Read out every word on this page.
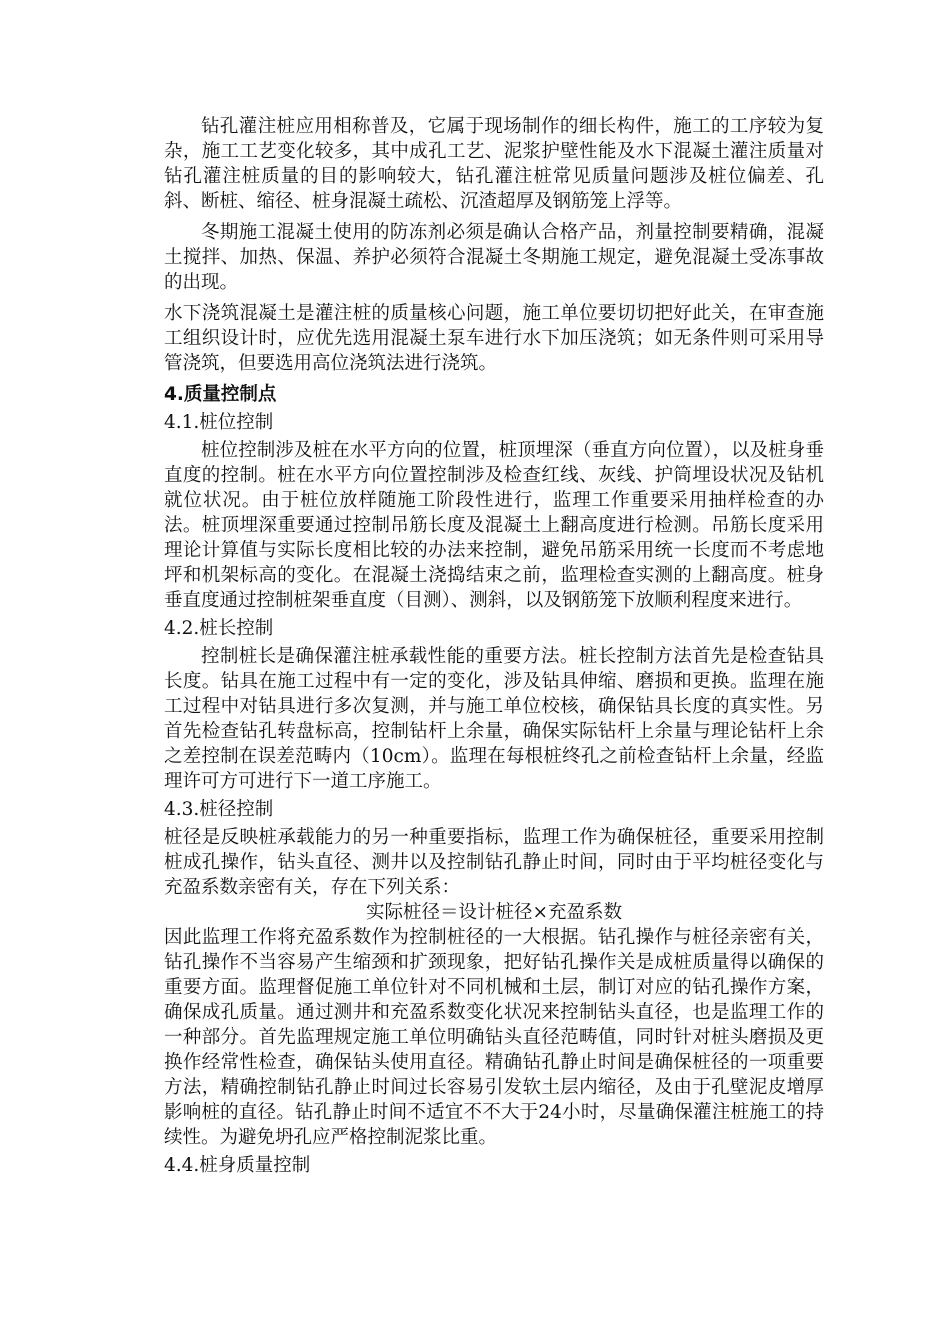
钻孔灌注桩应用相称普及，它属于现场制作的细长构件，施工的工序较为复杂，施工工艺变化较多，其中成孔工艺、泥浆护壁性能及水下混凝土灌注质量对钻孔灌注桩质量的目的影响较大，钻孔灌注桩常见质量问题涉及桩位偏差、孔斜、断桩、缩径、桩身混凝土疏松、沉渣超厚及钢筋笼上浮等。

冬期施工混凝土使用的防冻剂必须是确认合格产品，剂量控制要精确，混凝土搅拌、加热、保温、养护必须符合混凝土冬期施工规定，避免混凝土受冻事故的出现。

水下浇筑混凝土是灌注桩的质量核心问题，施工单位要切切把好此关，在审查施工组织设计时，应优先选用混凝土泵车进行水下加压浇筑；如无条件则可采用导管浇筑，但要选用高位浇筑法进行浇筑。

4.质量控制点

4.1.桩位控制

桩位控制涉及桩在水平方向的位置，桩顶埋深（垂直方向位置），以及桩身垂直度的控制。桩在水平方向位置控制涉及检查红线、灰线、护筒埋设状况及钻机就位状况。由于桩位放样随施工阶段性进行，监理工作重要采用抽样检查的办法。桩顶埋深重要通过控制吊筋长度及混凝土上翻高度进行检测。吊筋长度采用理论计算值与实际长度相比较的办法来控制，避免吊筋采用统一长度而不考虑地坪和机架标高的变化。在混凝土浇捣结束之前，监理检查实测的上翻高度。桩身垂直度通过控制桩架垂直度（目测）、测斜，以及钢筋笼下放顺利程度来进行。

4.2.桩长控制

控制桩长是确保灌注桩承载性能的重要方法。桩长控制方法首先是检查钻具长度。钻具在施工过程中有一定的变化，涉及钻具伸缩、磨损和更换。监理在施工过程中对钻具进行多次复测，并与施工单位校核，确保钻具长度的真实性。另首先检查钻孔转盘标高，控制钻杆上余量，确保实际钻杆上余量与理论钻杆上余之差控制在误差范畴内（10cm）。监理在每根桩终孔之前检查钻杆上余量，经监理许可方可进行下一道工序施工。

4.3.桩径控制

桩径是反映桩承载能力的另一种重要指标，监理工作为确保桩径，重要采用控制桩成孔操作，钻头直径、测井以及控制钻孔静止时间，同时由于平均桩径变化与充盈系数亲密有关，存在下列关系：

实际桩径＝设计桩径×充盈系数

因此监理工作将充盈系数作为控制桩径的一大根据。钻孔操作与桩径亲密有关，钻孔操作不当容易产生缩颈和扩颈现象，把好钻孔操作关是成桩质量得以确保的重要方面。监理督促施工单位针对不同机械和土层，制订对应的钻孔操作方案，确保成孔质量。通过测井和充盈系数变化状况来控制钻头直径，也是监理工作的一种部分。首先监理规定施工单位明确钻头直径范畴值，同时针对桩头磨损及更换作经常性检查，确保钻头使用直径。精确钻孔静止时间是确保桩径的一项重要方法，精确控制钻孔静止时间过长容易引发软土层内缩径，及由于孔壁泥皮增厚影响桩的直径。钻孔静止时间不适宜不不大于24小时，尽量确保灌注桩施工的持续性。为避免坍孔应严格控制泥浆比重。

4.4.桩身质量控制
